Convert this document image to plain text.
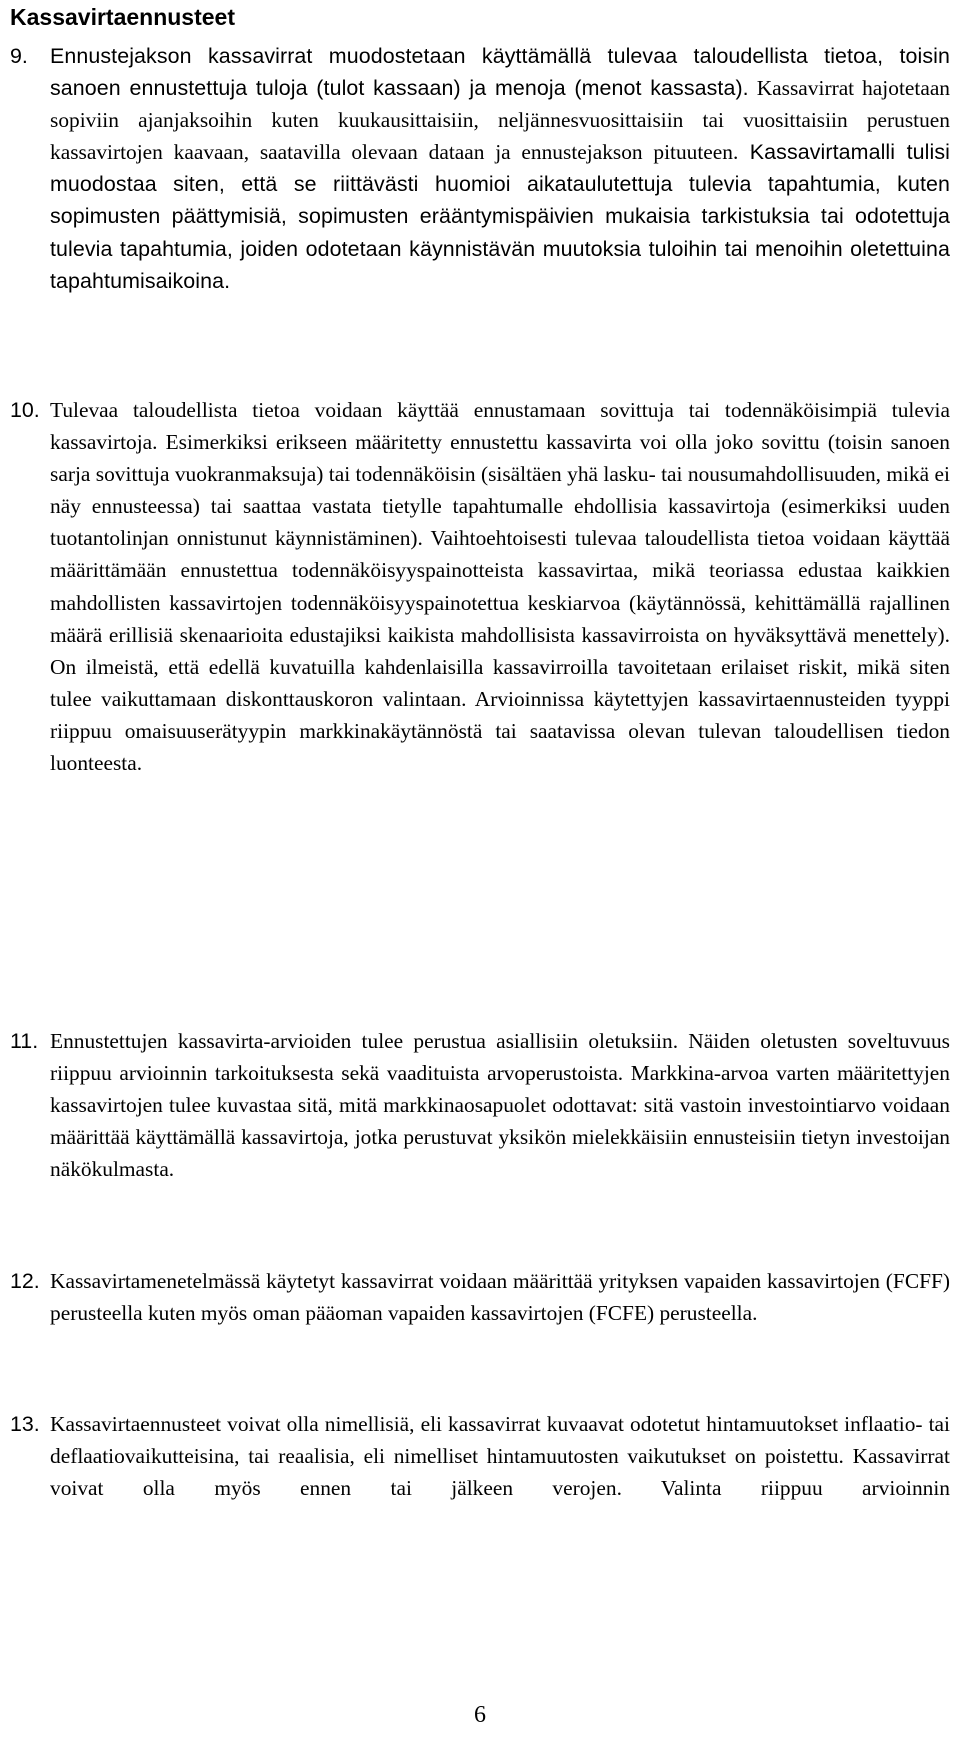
Kassavirtaennusteet
9. Ennustejakson kassavirrat muodostetaan käyttämällä tulevaa taloudellista tietoa, toisin sanoen ennustettuja tuloja (tulot kassaan) ja menoja (menot kassasta). Kassavirrat hajotetaan sopiviin ajanjaksoihin kuten kuukausittaisiin, neljännesvuosittaisiin tai vuosittaisiin perustuen kassavirtojen kaavaan, saatavilla olevaan dataan ja ennustejakson pituuteen. Kassavirtamalli tulisi muodostaa siten, että se riittävästi huomioi aikataulutettuja tulevia tapahtumia, kuten sopimusten päättymisiä, sopimusten erääntymispäivien mukaisia tarkistuksia tai odotettuja tulevia tapahtumia, joiden odotetaan käynnistävän muutoksia tuloihin tai menoihin oletettuina tapahtumisaikoina.
10. Tulevaa taloudellista tietoa voidaan käyttää ennustamaan sovittuja tai todennäköisimpiä tulevia kassavirtoja. Esimerkiksi erikseen määritetty ennustettu kassavirta voi olla joko sovittu (toisin sanoen sarja sovittuja vuokranmaksuja) tai todennäköisin (sisältäen yhä lasku- tai nousumahdollisuuden, mikä ei näy ennusteessa) tai saattaa vastata tietylle tapahtumalle ehdollisia kassavirtoja (esimerkiksi uuden tuotantolinjan onnistunut käynnistäminen). Vaihtoehtoisesti tulevaa taloudellista tietoa voidaan käyttää määrittämään ennustettua todennäköisyyspainotteista kassavirtaa, mikä teoriassa edustaa kaikkien mahdollisten kassavirtojen todennäköisyyspainotettua keskiarvoa (käytännössä, kehittämällä rajallinen määrä erillisiä skenaarioita edustajiksi kaikista mahdollisista kassavirroista on hyväksyttävä menettely). On ilmeistä, että edellä kuvatuilla kahdenlaisilla kassavirroilla tavoitetaan erilaiset riskit, mikä siten tulee vaikuttamaan diskonttauskoron valintaan. Arvioinnissa käytettyjen kassavirtaennusteiden tyyppi riippuu omaisuuserätyypin markkinakäytännöstä tai saatavissa olevan tulevan taloudellisen tiedon luonteesta.
11. Ennustettujen kassavirta-arvioiden tulee perustua asiallisiin oletuksiin. Näiden oletusten soveltuvuus riippuu arvioinnin tarkoituksesta sekä vaadituista arvoperustoista. Markkina-arvoa varten määritettyjen kassavirtojen tulee kuvastaa sitä, mitä markkinaosapuolet odottavat: sitä vastoin investointiarvo voidaan määrittää käyttämällä kassavirtoja, jotka perustuvat yksikön mielekkäisiin ennusteisiin tietyn investoijan näkökulmasta.
12. Kassavirtamenetelmässä käytetyt kassavirrat voidaan määrittää yrityksen vapaiden kassavirtojen (FCFF) perusteella kuten myös oman pääoman vapaiden kassavirtojen (FCFE) perusteella.
13. Kassavirtaennusteet voivat olla nimellisiä, eli kassavirrat kuvaavat odotetut hintamuutokset inflaatio- tai deflaatiovaikutteisina, tai reaalisia, eli nimelliset hintamuutosten vaikutukset on poistettu. Kassavirrat voivat olla myös ennen tai jälkeen verojen. Valinta riippuu arvioinnin
6
